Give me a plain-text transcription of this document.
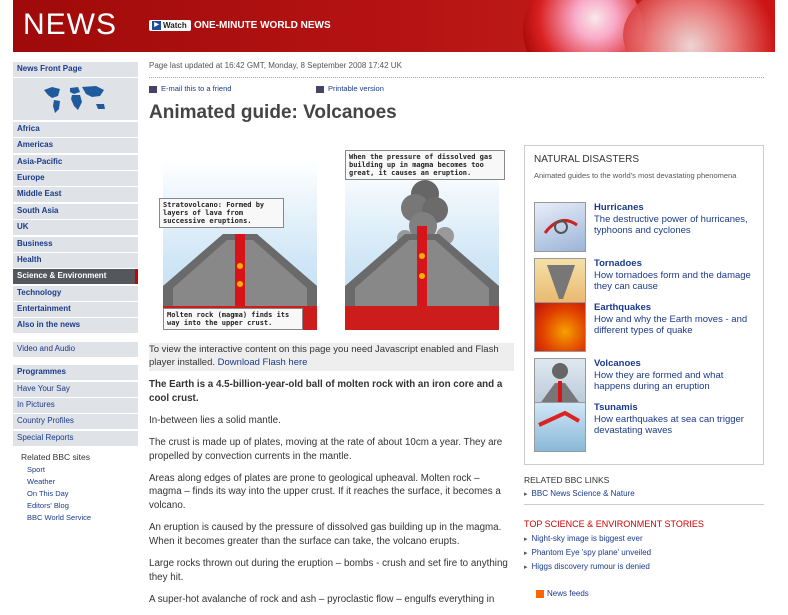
NEWS	▶ Watch ONE-MINUTE WORLD NEWS
News Front Page
Africa
Americas
Asia-Pacific
Europe
Middle East
South Asia
UK
Business
Health
Science & Environment
Technology
Entertainment
Also in the news
Video and Audio
Programmes
Have Your Say
In Pictures
Country Profiles
Special Reports
Related BBC sites
Sport
Weather
On This Day
Editors' Blog
BBC World Service
Page last updated at 16:42 GMT, Monday, 8 September 2008 17:42 UK
E-mail this to a friend	Printable version
Animated guide: Volcanoes
Stratovolcano: Formed by layers of lava from successive eruptions.
Molten rock (magma) finds its way into the upper crust.
When the pressure of dissolved gas building up in magma becomes too great, it causes an eruption.
To view the interactive content on this page you need Javascript enabled and Flash player installed. Download Flash here

The Earth is a 4.5-billion-year-old ball of molten rock with an iron core and a cool crust.

In-between lies a solid mantle.

The crust is made up of plates, moving at the rate of about 10cm a year. They are propelled by convection currents in the mantle.

Areas along edges of plates are prone to geological upheaval. Molten rock – magma – finds its way into the upper crust. If it reaches the surface, it becomes a volcano.

An eruption is caused by the pressure of dissolved gas building up in the magma. When it becomes greater than the surface can take, the volcano erupts.

Large rocks thrown out during the eruption – bombs - crush and set fire to anything they hit.

A super-hot avalanche of rock and ash – pyroclastic flow – engulfs everything in

NATURAL DISASTERS
Animated guides to the world's most devastating phenomena
Hurricanes
The destructive power of hurricanes, typhoons and cyclones
Tornadoes
How tornadoes form and the damage they can cause
Earthquakes
How and why the Earth moves - and different types of quake
Volcanoes
How they are formed and what happens during an eruption
Tsunamis
How earthquakes at sea can trigger devastating waves
RELATED BBC LINKS
▸ BBC News Science & Nature
TOP SCIENCE & ENVIRONMENT STORIES
▸ Night-sky image is biggest ever
▸ Phantom Eye 'spy plane' unveiled
▸ Higgs discovery rumour is denied
News feeds
